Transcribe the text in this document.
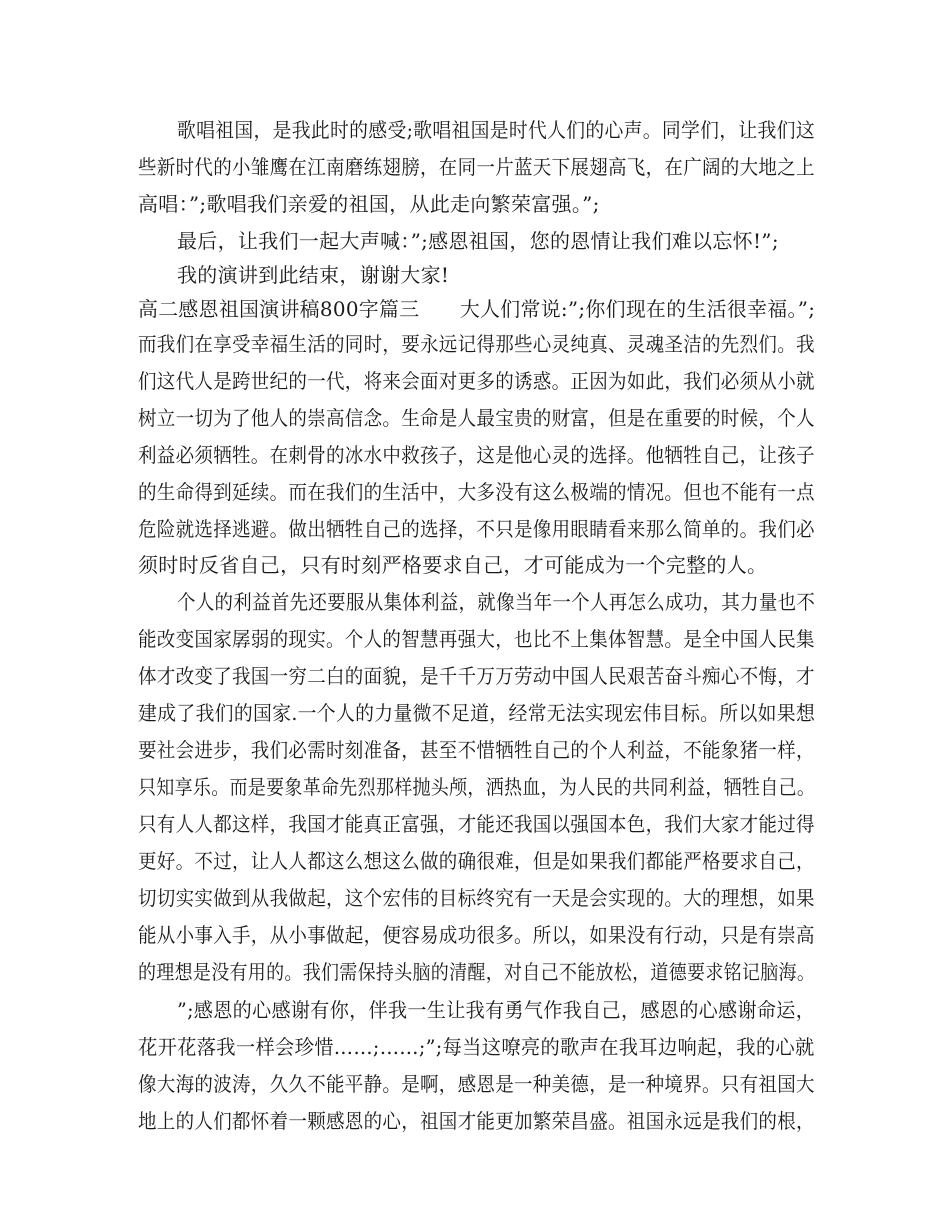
歌唱祖国，是我此时的感受;歌唱祖国是时代人们的心声。同学们，让我们这
些新时代的小雏鹰在江南磨练翅膀，在同一片蓝天下展翅高飞，在广阔的大地之上
高唱：”;歌唱我们亲爱的祖国，从此走向繁荣富强。”;
最后，让我们一起大声喊：”;感恩祖国，您的恩情让我们难以忘怀!”;
我的演讲到此结束，谢谢大家!
高二感恩祖国演讲稿800字篇三　　大人们常说:”;你们现在的生活很幸福。”;
而我们在享受幸福生活的同时，要永远记得那些心灵纯真、灵魂圣洁的先烈们。我
们这代人是跨世纪的一代，将来会面对更多的诱惑。正因为如此，我们必须从小就
树立一切为了他人的崇高信念。生命是人最宝贵的财富，但是在重要的时候，个人
利益必须牺牲。在刺骨的冰水中救孩子，这是他心灵的选择。他牺牲自己，让孩子
的生命得到延续。而在我们的生活中，大多没有这么极端的情况。但也不能有一点
危险就选择逃避。做出牺牲自己的选择，不只是像用眼睛看来那么简单的。我们必
须时时反省自己，只有时刻严格要求自己，才可能成为一个完整的人。
个人的利益首先还要服从集体利益，就像当年一个人再怎么成功，其力量也不
能改变国家孱弱的现实。个人的智慧再强大，也比不上集体智慧。是全中国人民集
体才改变了我国一穷二白的面貌，是千千万万劳动中国人民艰苦奋斗痴心不悔，才
建成了我们的国家.一个人的力量微不足道，经常无法实现宏伟目标。所以如果想
要社会进步，我们必需时刻准备，甚至不惜牺牲自己的个人利益，不能象猪一样，
只知享乐。而是要象革命先烈那样抛头颅，洒热血，为人民的共同利益，牺牲自己。
只有人人都这样，我国才能真正富强，才能还我国以强国本色，我们大家才能过得
更好。不过，让人人都这么想这么做的确很难，但是如果我们都能严格要求自己，
切切实实做到从我做起，这个宏伟的目标终究有一天是会实现的。大的理想，如果
能从小事入手，从小事做起，便容易成功很多。所以，如果没有行动，只是有崇高
的理想是没有用的。我们需保持头脑的清醒，对自己不能放松，道德要求铭记脑海。
”;感恩的心感谢有你，伴我一生让我有勇气作我自己，感恩的心感谢命运，
花开花落我一样会珍惜……;……;”;每当这嘹亮的歌声在我耳边响起，我的心就
像大海的波涛，久久不能平静。是啊，感恩是一种美德，是一种境界。只有祖国大
地上的人们都怀着一颗感恩的心，祖国才能更加繁荣昌盛。祖国永远是我们的根，
